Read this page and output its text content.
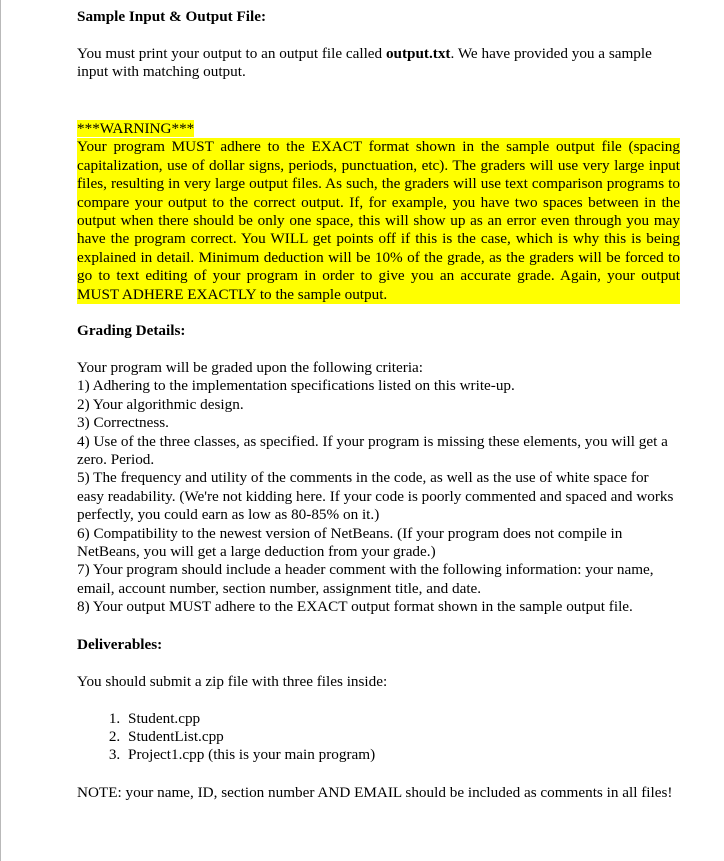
Sample Input & Output File:

You must print your output to an output file called output.txt. We have provided you a sample input with matching output.

***WARNING***

Your program MUST adhere to the EXACT format shown in the sample output file (spacing capitalization, use of dollar signs, periods, punctuation, etc). The graders will use very large input files, resulting in very large output files. As such, the graders will use text comparison programs to compare your output to the correct output. If, for example, you have two spaces between in the output when there should be only one space, this will show up as an error even through you may have the program correct. You WILL get points off if this is the case, which is why this is being explained in detail. Minimum deduction will be 10% of the grade, as the graders will be forced to go to text editing of your program in order to give you an accurate grade. Again, your output MUST ADHERE EXACTLY to the sample output.

Grading Details:

Your program will be graded upon the following criteria:

1) Adhering to the implementation specifications listed on this write-up.

2) Your algorithmic design.

3) Correctness.

4) Use of the three classes, as specified. If your program is missing these elements, you will get a zero. Period.

5) The frequency and utility of the comments in the code, as well as the use of white space for easy readability. (We're not kidding here. If your code is poorly commented and spaced and works perfectly, you could earn as low as 80-85% on it.)

6) Compatibility to the newest version of NetBeans. (If your program does not compile in NetBeans, you will get a large deduction from your grade.)

7) Your program should include a header comment with the following information: your name, email, account number, section number, assignment title, and date.

8) Your output MUST adhere to the EXACT output format shown in the sample output file.

Deliverables:

You should submit a zip file with three files inside:

1. Student.cpp
2. StudentList.cpp
3. Project1.cpp (this is your main program)

NOTE: your name, ID, section number AND EMAIL should be included as comments in all files!
